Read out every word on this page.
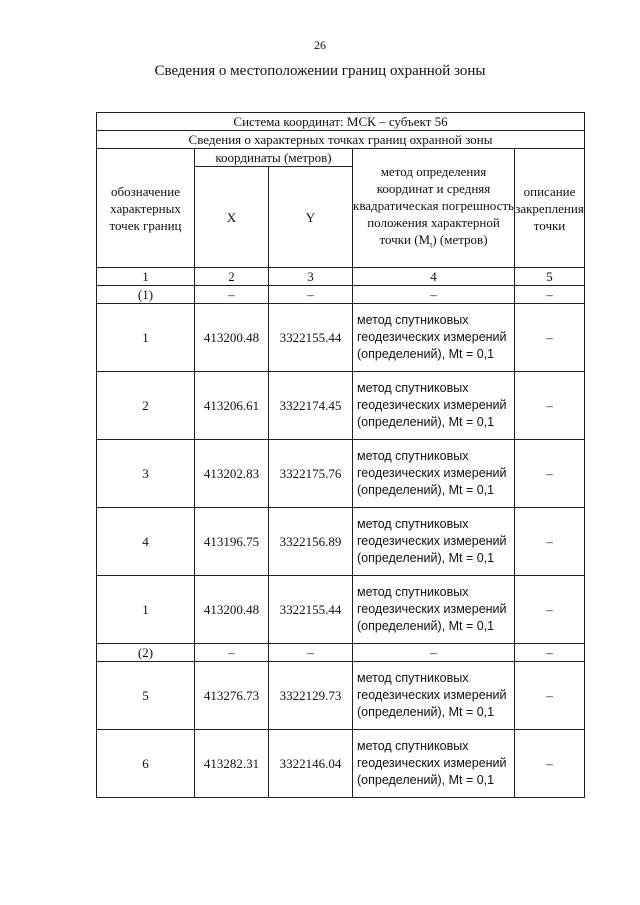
26
Сведения о местоположении границ охранной зоны
Система координат: МСК – субъект 56				
Сведения о характерных точках границ охранной зоны				
обозначение характерных точек границ	координаты (метров)		метод определения координат и средняя квадратическая погрешность положения характерной точки $(M_t)$ (метров)	описание закрепления точки
	X	Y		
1	2	3	4	5
(1)	–	–	–	–
1	413200.48	3322155.44	метод спутниковых геодезических измерений (определений), Mt = 0,1	–
2	413206.61	3322174.45	метод спутниковых геодезических измерений (определений), Mt = 0,1	–
3	413202.83	3322175.76	метод спутниковых геодезических измерений (определений), Mt = 0,1	–
4	413196.75	3322156.89	метод спутниковых геодезических измерений (определений), Mt = 0,1	–
1	413200.48	3322155.44	метод спутниковых геодезических измерений (определений), Mt = 0,1	–
(2)	–	–	–	–
5	413276.73	3322129.73	метод спутниковых геодезических измерений (определений), Mt = 0,1	–
6	413282.31	3322146.04	метод спутниковых геодезических измерений (определений), Mt = 0,1	–
